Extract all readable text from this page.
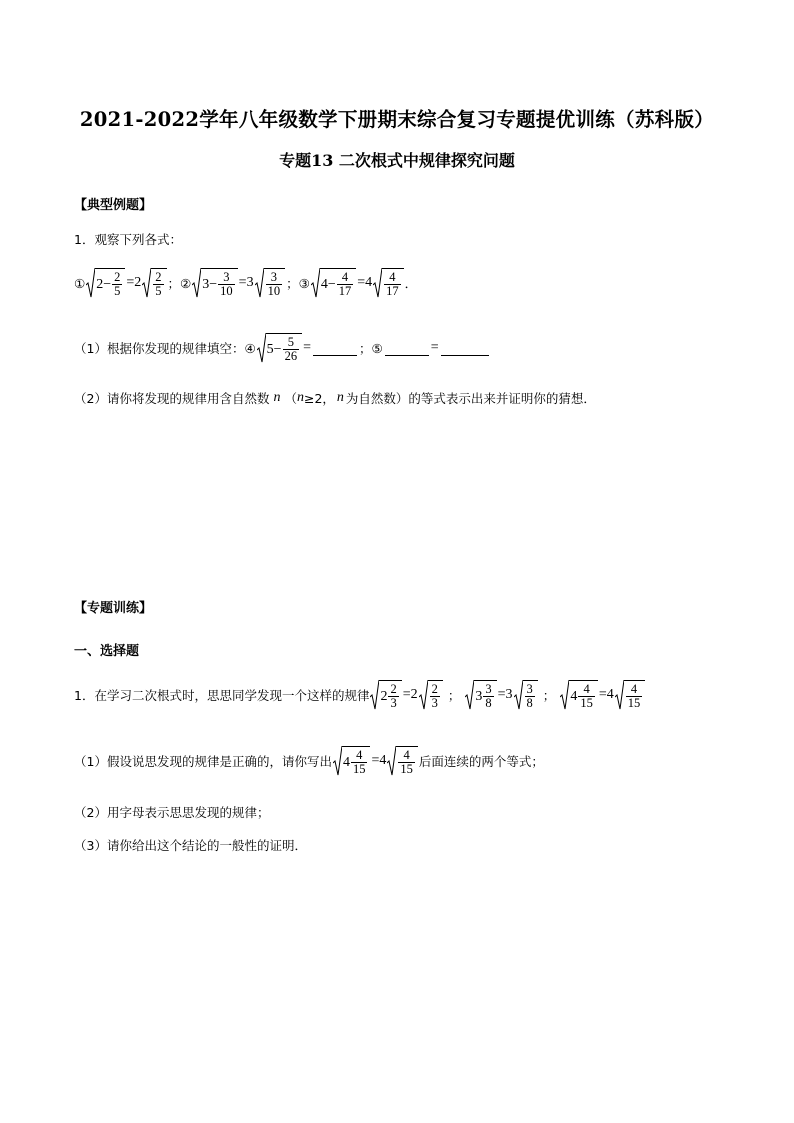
2021-2022学年八年级数学下册期末综合复习专题提优训练（苏科版）
专题13 二次根式中规律探究问题
【典型例题】
1．观察下列各式：
① $2- \frac{2}{5} =2 \frac{2}{5}$ ； ② $3- \frac{3}{10} =3 \frac{3}{10}$ ； ③ $4- \frac{4}{17} =4 \frac{4}{17}$ ．
（1）根据你发现的规律填空：④ $5- \frac{5}{26}$ =	；⑤	=
（2）请你将发现的规律用含自然数 n （ n ≥2， n 为自然数）的等式表示出来并证明你的猜想．
【专题训练】
一、选择题
1．在学习二次根式时，思思同学发现一个这样的规律 $2 \frac{2}{3} =2 \frac{2}{3}$ ； $3 \frac{3}{8} =3 \frac{3}{8}$ ； $4 \frac{4}{15} =4 \frac{4}{15}$
（1）假设说思发现的规律是正确的，请你写出 $4 \frac{4}{15} =4 \frac{4}{15}$ 后面连续的两个等式；
（2）用字母表示思思发现的规律；
（3）请你给出这个结论的一般性的证明．
